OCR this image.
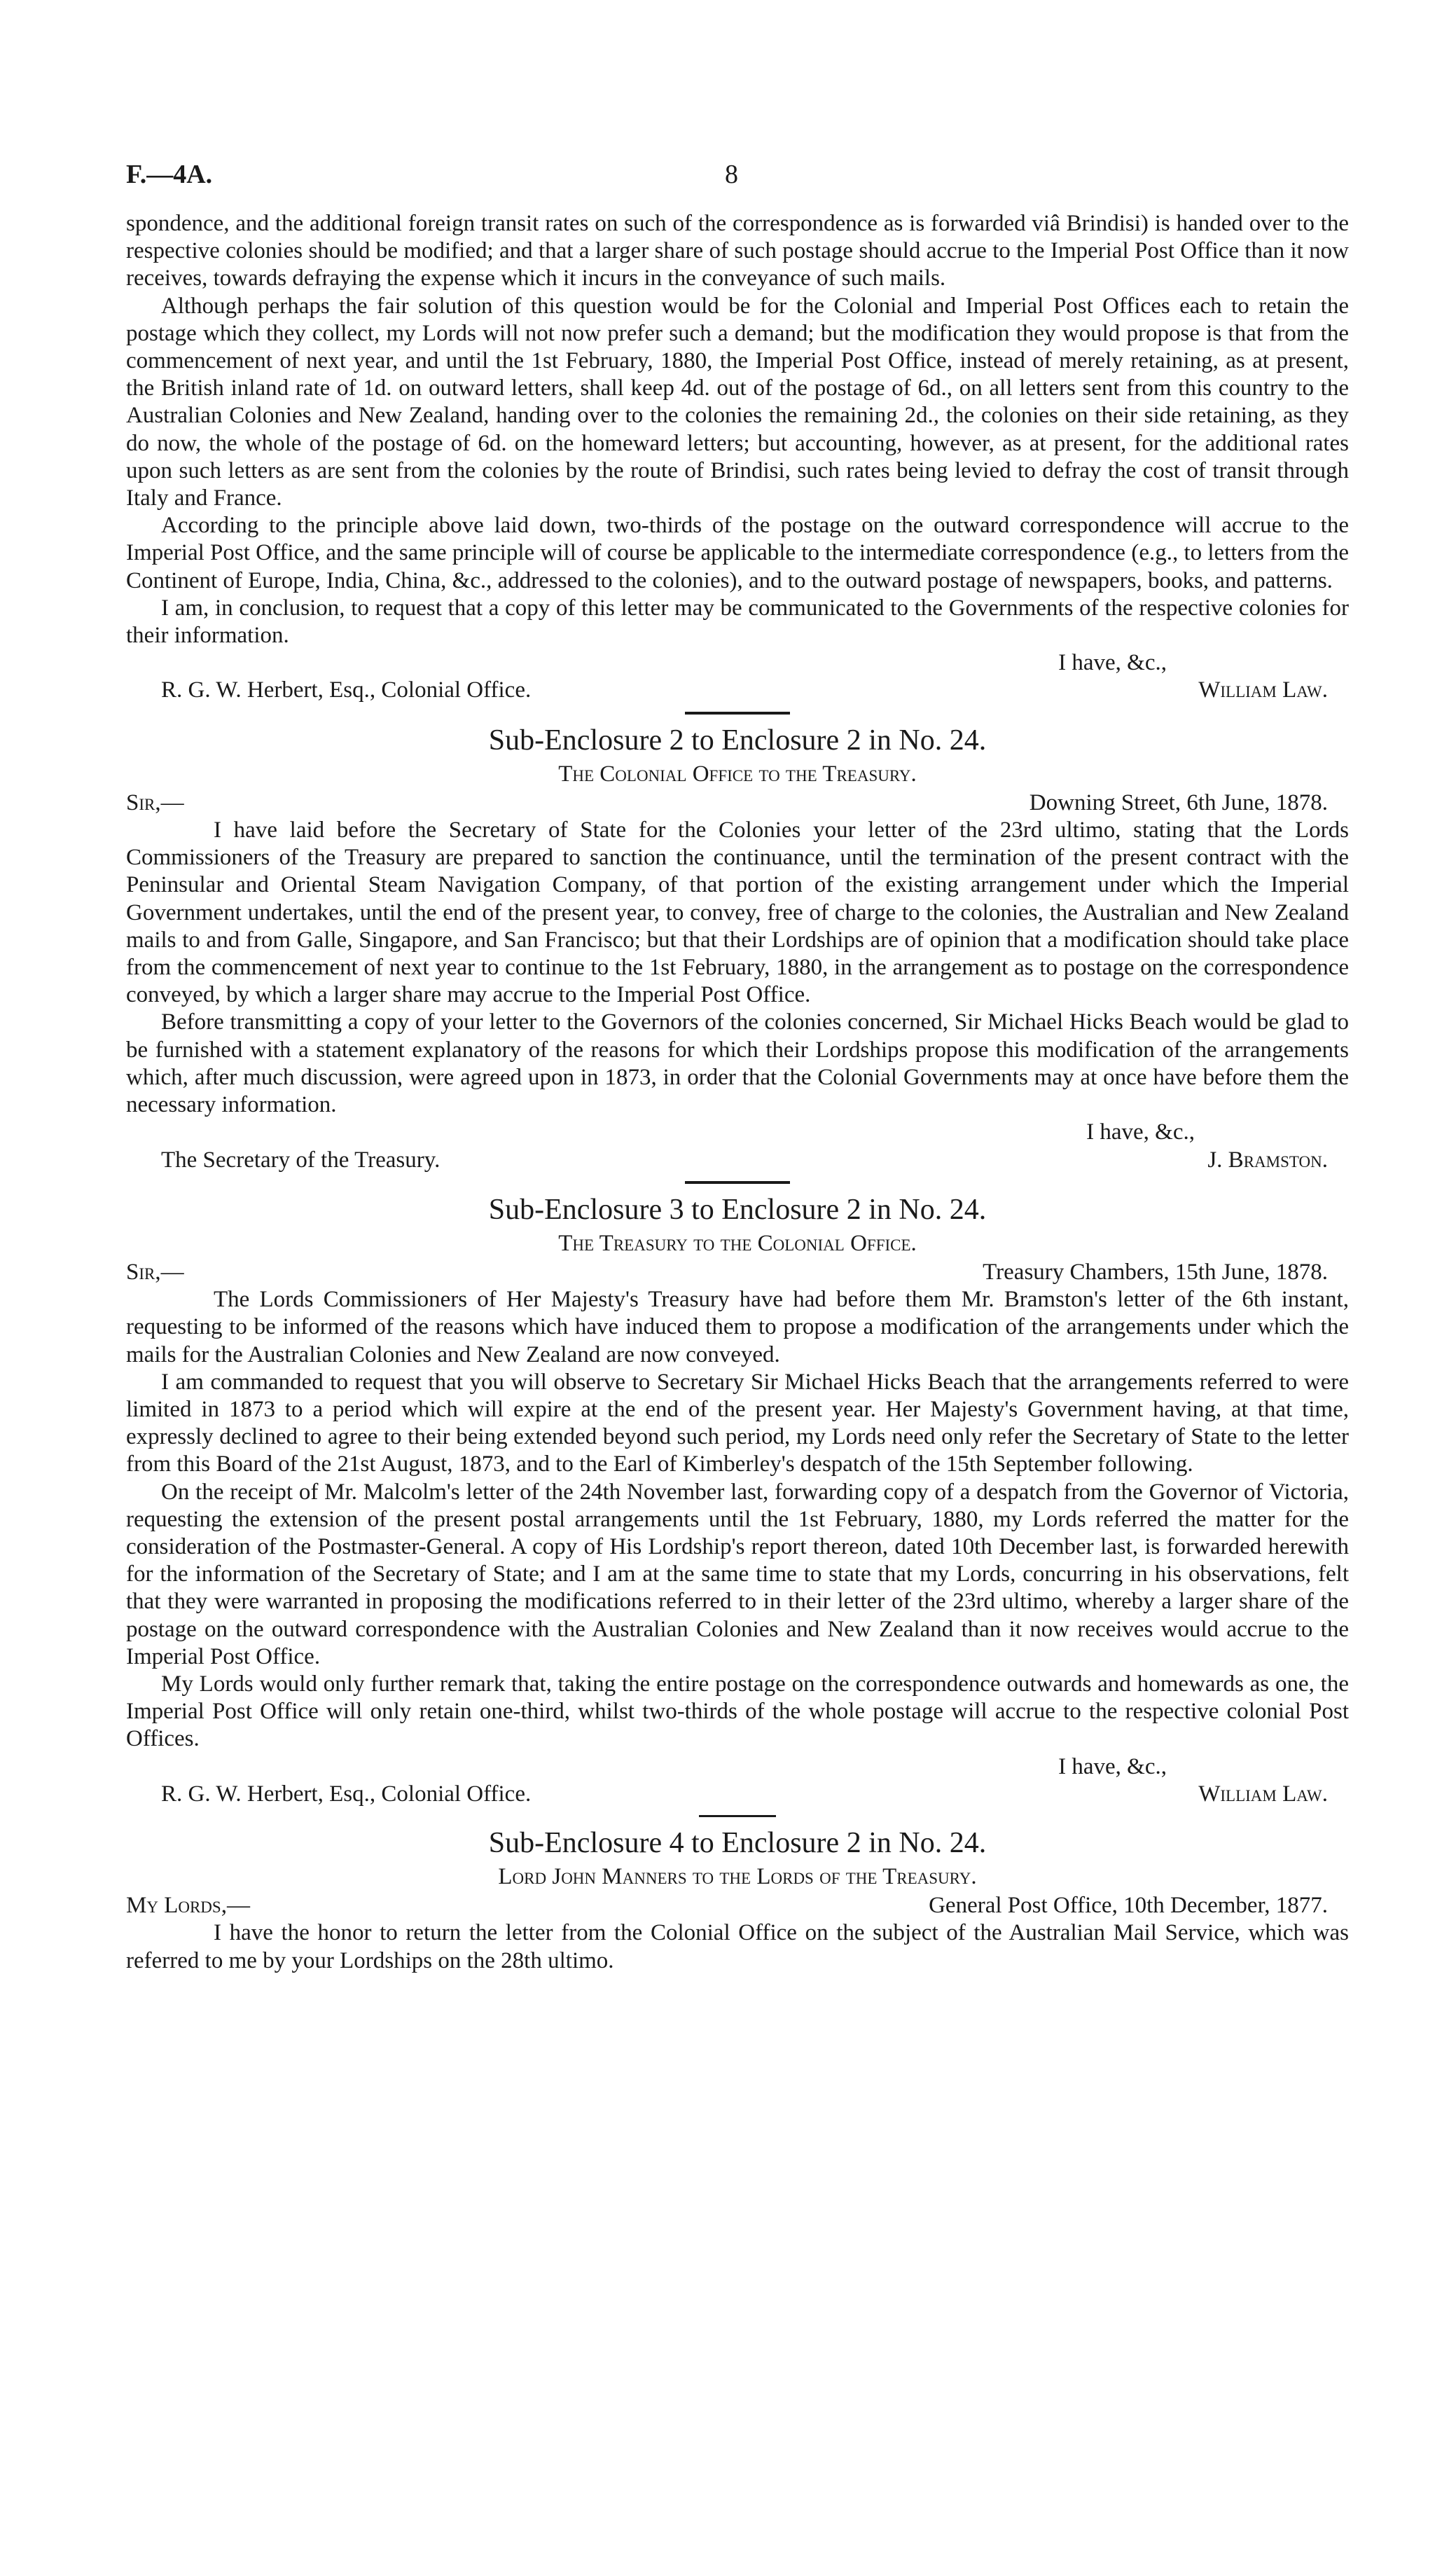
F.—4A.	8

spondence, and the additional foreign transit rates on such of the correspondence as is forwarded viâ Brindisi) is handed over to the respective colonies should be modified; and that a larger share of such postage should accrue to the Imperial Post Office than it now receives, towards defraying the expense which it incurs in the conveyance of such mails.

Although perhaps the fair solution of this question would be for the Colonial and Imperial Post Offices each to retain the postage which they collect, my Lords will not now prefer such a demand; but the modification they would propose is that from the commencement of next year, and until the 1st February, 1880, the Imperial Post Office, instead of merely retaining, as at present, the British inland rate of 1d. on outward letters, shall keep 4d. out of the postage of 6d., on all letters sent from this country to the Australian Colonies and New Zealand, handing over to the colonies the remaining 2d., the colonies on their side retaining, as they do now, the whole of the postage of 6d. on the homeward letters; but accounting, however, as at present, for the additional rates upon such letters as are sent from the colonies by the route of Brindisi, such rates being levied to defray the cost of transit through Italy and France.

According to the principle above laid down, two-thirds of the postage on the outward correspondence will accrue to the Imperial Post Office, and the same principle will of course be applicable to the intermediate correspondence (e.g., to letters from the Continent of Europe, India, China, &c., addressed to the colonies), and to the outward postage of newspapers, books, and patterns.

I am, in conclusion, to request that a copy of this letter may be communicated to the Governments of the respective colonies for their information.

I have, &c.,
R. G. W. Herbert, Esq., Colonial Office.	William Law.
Sub-Enclosure 2 to Enclosure 2 in No. 24.
The Colonial Office to the Treasury.
Sir,—	Downing Street, 6th June, 1878.

I have laid before the Secretary of State for the Colonies your letter of the 23rd ultimo, stating that the Lords Commissioners of the Treasury are prepared to sanction the continuance, until the termination of the present contract with the Peninsular and Oriental Steam Navigation Company, of that portion of the existing arrangement under which the Imperial Government undertakes, until the end of the present year, to convey, free of charge to the colonies, the Australian and New Zealand mails to and from Galle, Singapore, and San Francisco; but that their Lordships are of opinion that a modification should take place from the commencement of next year to continue to the 1st February, 1880, in the arrangement as to postage on the correspondence conveyed, by which a larger share may accrue to the Imperial Post Office.

Before transmitting a copy of your letter to the Governors of the colonies concerned, Sir Michael Hicks Beach would be glad to be furnished with a statement explanatory of the reasons for which their Lordships propose this modification of the arrangements which, after much discussion, were agreed upon in 1873, in order that the Colonial Governments may at once have before them the necessary information.

I have, &c.,
The Secretary of the Treasury.	J. Bramston.
Sub-Enclosure 3 to Enclosure 2 in No. 24.
The Treasury to the Colonial Office.
Sir,—	Treasury Chambers, 15th June, 1878.

The Lords Commissioners of Her Majesty's Treasury have had before them Mr. Bramston's letter of the 6th instant, requesting to be informed of the reasons which have induced them to propose a modification of the arrangements under which the mails for the Australian Colonies and New Zealand are now conveyed.

I am commanded to request that you will observe to Secretary Sir Michael Hicks Beach that the arrangements referred to were limited in 1873 to a period which will expire at the end of the present year. Her Majesty's Government having, at that time, expressly declined to agree to their being extended beyond such period, my Lords need only refer the Secretary of State to the letter from this Board of the 21st August, 1873, and to the Earl of Kimberley's despatch of the 15th September following.

On the receipt of Mr. Malcolm's letter of the 24th November last, forwarding copy of a despatch from the Governor of Victoria, requesting the extension of the present postal arrangements until the 1st February, 1880, my Lords referred the matter for the consideration of the Postmaster-General. A copy of His Lordship's report thereon, dated 10th December last, is forwarded herewith for the information of the Secretary of State; and I am at the same time to state that my Lords, concurring in his observations, felt that they were warranted in proposing the modifications referred to in their letter of the 23rd ultimo, whereby a larger share of the postage on the outward correspondence with the Australian Colonies and New Zealand than it now receives would accrue to the Imperial Post Office.

My Lords would only further remark that, taking the entire postage on the correspondence outwards and homewards as one, the Imperial Post Office will only retain one-third, whilst two-thirds of the whole postage will accrue to the respective colonial Post Offices.

I have, &c.,
R. G. W. Herbert, Esq., Colonial Office.	William Law.
Sub-Enclosure 4 to Enclosure 2 in No. 24.
Lord John Manners to the Lords of the Treasury.
My Lords,—	General Post Office, 10th December, 1877.

I have the honor to return the letter from the Colonial Office on the subject of the Australian Mail Service, which was referred to me by your Lordships on the 28th ultimo.
